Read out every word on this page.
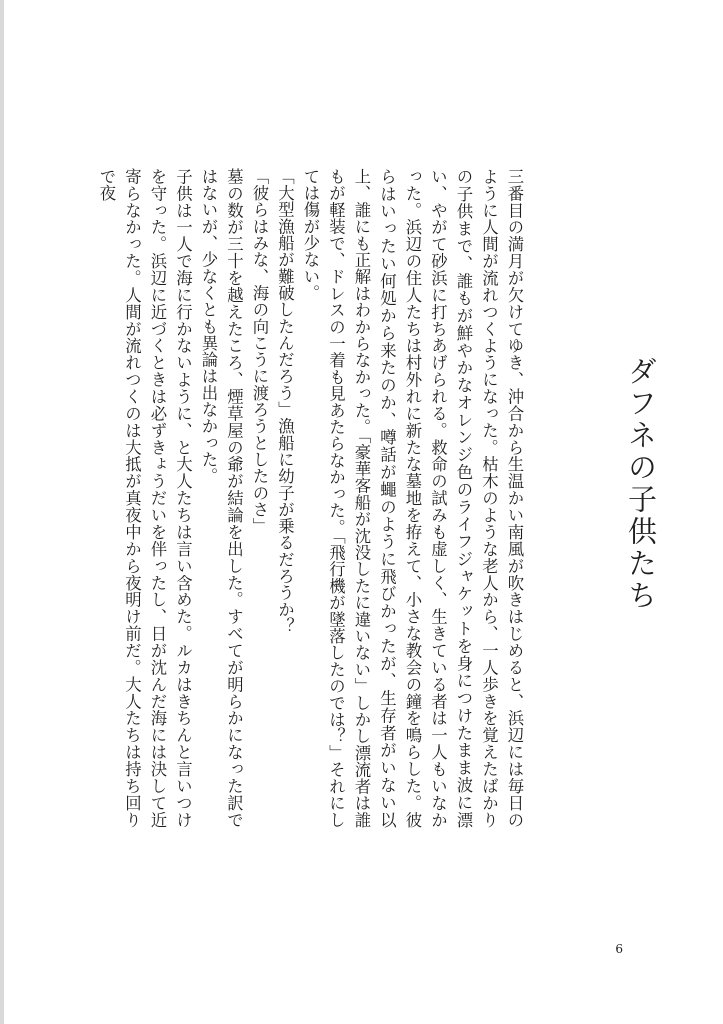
ダフネの子供たち

三番目の満月が欠けてゆき、沖合から生温かい南風が吹きはじめると、浜辺には毎日のように人間が流れつくようになった。枯木のような老人から、一人歩きを覚えたばかりの子供まで、誰もが鮮やかなオレンジ色のライフジャケットを身につけたまま波に漂い、やがて砂浜に打ちあげられる。救命の試みも虚しく、生きている者は一人もいなかった。浜辺の住人たちは村外れに新たな墓地を拵えて、小さな教会の鐘を鳴らした。彼らはいったい何処から来たのか、噂話が蠅のように飛びかったが、生存者がいない以上、誰にも正解はわからなかった。「豪華客船が沈没したに違いない」しかし漂流者は誰もが軽装で、ドレスの一着も見あたらなかった。「飛行機が墜落したのでは？」それにしては傷が少ない。

「大型漁船が難破したんだろう」漁船に幼子が乗るだろうか？

「彼らはみな、海の向こうに渡ろうとしたのさ」

墓の数が三十を越えたころ、煙草屋の爺が結論を出した。すべてが明らかになった訳ではないが、少なくとも異論は出なかった。

子供は一人で海に行かないように、と大人たちは言い含めた。ルカはきちんと言いつけを守った。浜辺に近づくときは必ずきょうだいを伴ったし、日が沈んだ海には決して近寄らなかった。人間が流れつくのは大抵が真夜中から夜明け前だ。大人たちは持ち回りで夜

6
